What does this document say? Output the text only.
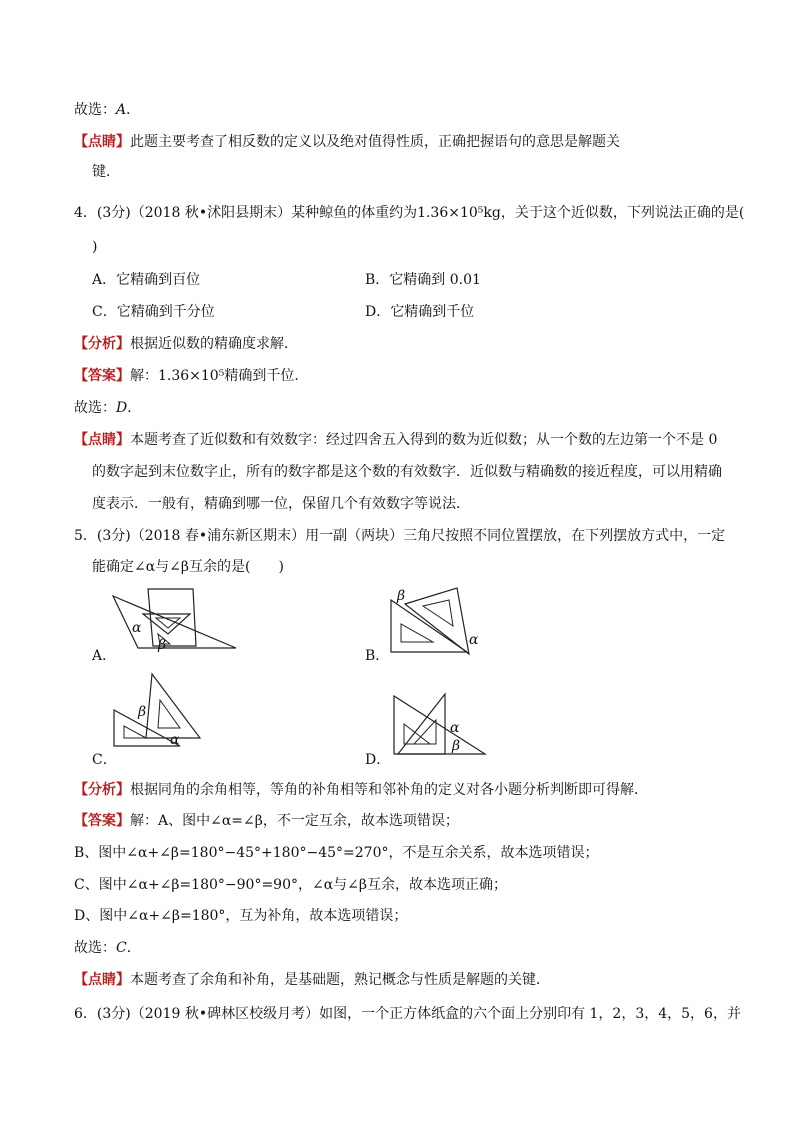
故选：A．
【点睛】此题主要考查了相反数的定义以及绝对值得性质，正确把握语句的意思是解题关
键．
4．(3分)（2018 秋•沭阳县期末）某种鲸鱼的体重约为1.36×10⁵kg，关于这个近似数，下列说法正确的是(
)
A．它精确到百位	B．它精确到 0.01
C．它精确到千分位	D．它精确到千位
【分析】根据近似数的精确度求解．
【答案】解：1.36×10⁵精确到千位．
故选：D．
【点睛】本题考查了近似数和有效数字：经过四舍五入得到的数为近似数；从一个数的左边第一个不是 0
的数字起到末位数字止，所有的数字都是这个数的有效数字．近似数与精确数的接近程度，可以用精确
度表示．一般有，精确到哪一位，保留几个有效数字等说法．
5．(3分)（2018 春•浦东新区期末）用一副（两块）三角尺按照不同位置摆放，在下列摆放方式中，一定
能确定∠α与∠β互余的是(　　)
A．
α
β
B．
β
α
C．
β
α
D．
α
β
【分析】根据同角的余角相等，等角的补角相等和邻补角的定义对各小题分析判断即可得解．
【答案】解：A、图中∠α=∠β，不一定互余，故本选项错误；
B、图中∠α+∠β=180°−45°+180°−45°=270°，不是互余关系，故本选项错误；
C、图中∠α+∠β=180°−90°=90°，∠α与∠β互余，故本选项正确；
D、图中∠α+∠β=180°，互为补角，故本选项错误；
故选：C．
【点睛】本题考查了余角和补角，是基础题，熟记概念与性质是解题的关键．
6．(3分)（2019 秋•碑林区校级月考）如图，一个正方体纸盒的六个面上分别印有 1，2，3，4，5，6，并
